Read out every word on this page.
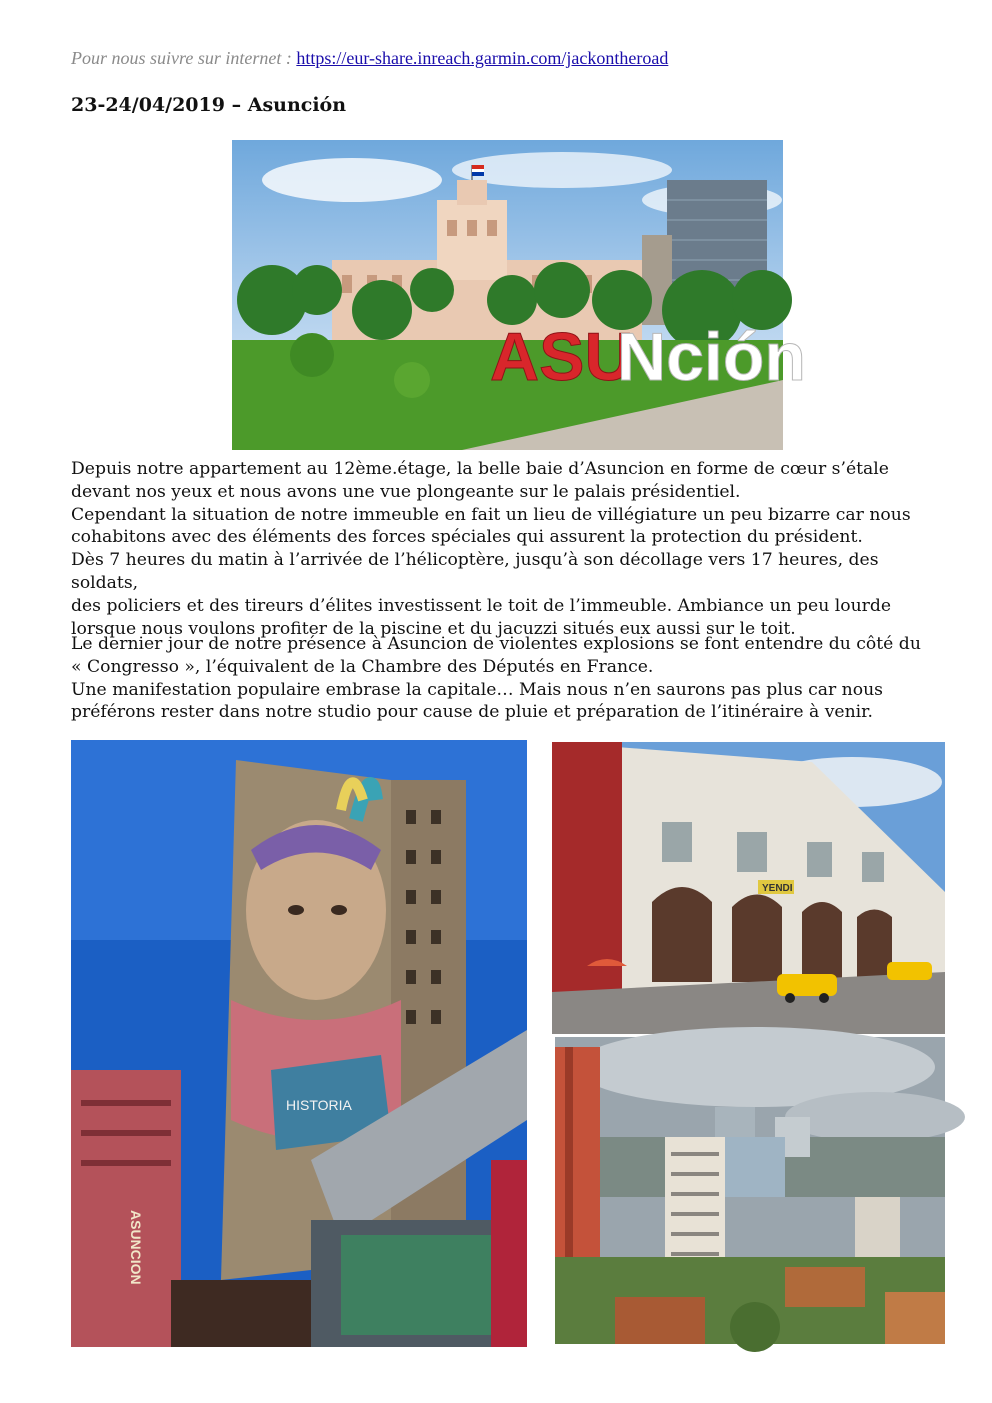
Pour nous suivre sur internet : https://eur-share.inreach.garmin.com/jackontheroad
23-24/04/2019 – Asunción
ASU
Nción

Depuis notre appartement au 12ème.étage, la belle baie d’Asuncion en forme de cœur s’étale

devant nos yeux et nous avons une vue plongeante sur le palais présidentiel.

Cependant la situation de notre immeuble en fait un lieu de villégiature un peu bizarre car nous

cohabitons avec des éléments des forces spéciales qui assurent la protection du président.

Dès 7 heures du matin à l’arrivée de l’hélicoptère, jusqu’à son décollage vers 17 heures, des soldats,

des policiers et des tireurs d’élites investissent le toit de l’immeuble. Ambiance un peu lourde

lorsque nous voulons profiter de la piscine et du jacuzzi situés eux aussi sur le toit.

Le dernier jour de notre présence à Asuncion de violentes explosions se font entendre du côté du

« Congresso », l’équivalent de la Chambre des Députés en France.

Une manifestation populaire embrase la capitale… Mais nous n’en saurons pas plus car nous

préférons rester dans notre studio pour cause de pluie et préparation de l’itinéraire à venir.

HISTORIA
ASUNCION
YENDI
